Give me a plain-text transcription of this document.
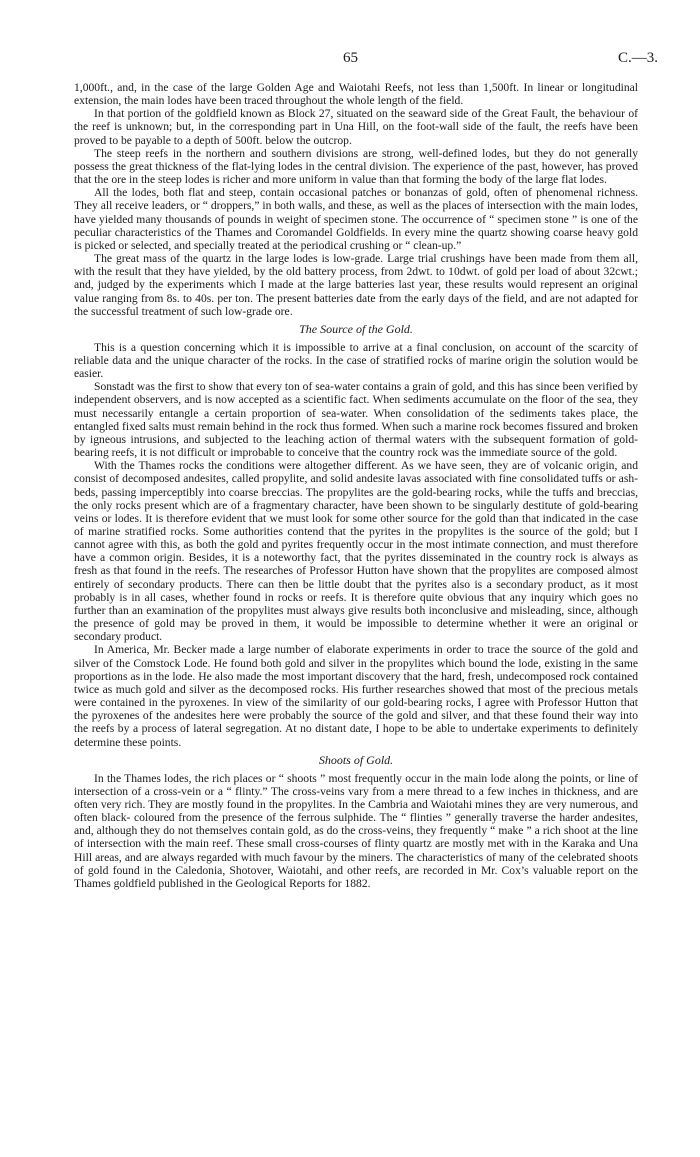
65	C.—3.

1,000ft., and, in the case of the large Golden Age and Waiotahi Reefs, not less than 1,500ft. In linear or longitudinal extension, the main lodes have been traced throughout the whole length of the field.

In that portion of the goldfield known as Block 27, situated on the seaward side of the Great Fault, the behaviour of the reef is unknown; but, in the corresponding part in Una Hill, on the foot-wall side of the fault, the reefs have been proved to be payable to a depth of 500ft. below the outcrop.

The steep reefs in the northern and southern divisions are strong, well-defined lodes, but they do not generally possess the great thickness of the flat-lying lodes in the central division. The experience of the past, however, has proved that the ore in the steep lodes is richer and more uniform in value than that forming the body of the large flat lodes.

All the lodes, both flat and steep, contain occasional patches or bonanzas of gold, often of phenomenal richness. They all receive leaders, or “ droppers,” in both walls, and these, as well as the places of intersection with the main lodes, have yielded many thousands of pounds in weight of specimen stone. The occurrence of “ specimen stone ” is one of the peculiar characteristics of the Thames and Coromandel Goldfields. In every mine the quartz showing coarse heavy gold is picked or selected, and specially treated at the periodical crushing or “ clean-up.”

The great mass of the quartz in the large lodes is low-grade. Large trial crushings have been made from them all, with the result that they have yielded, by the old battery process, from 2dwt. to 10dwt. of gold per load of about 32cwt.; and, judged by the experiments which I made at the large batteries last year, these results would represent an original value ranging from 8s. to 40s. per ton. The present batteries date from the early days of the field, and are not adapted for the successful treatment of such low-grade ore.

The Source of the Gold.

This is a question concerning which it is impossible to arrive at a final conclusion, on account of the scarcity of reliable data and the unique character of the rocks. In the case of stratified rocks of marine origin the solution would be easier.

Sonstadt was the first to show that every ton of sea-water contains a grain of gold, and this has since been verified by independent observers, and is now accepted as a scientific fact. When sediments accumulate on the floor of the sea, they must necessarily entangle a certain proportion of sea-water. When consolidation of the sediments takes place, the entangled fixed salts must remain behind in the rock thus formed. When such a marine rock becomes fissured and broken by igneous intrusions, and subjected to the leaching action of thermal waters with the subsequent formation of gold-bearing reefs, it is not difficult or improbable to conceive that the country rock was the immediate source of the gold.

With the Thames rocks the conditions were altogether different. As we have seen, they are of volcanic origin, and consist of decomposed andesites, called propylite, and solid andesite lavas associated with fine consolidated tuffs or ash-beds, passing imperceptibly into coarse breccias. The propylites are the gold-bearing rocks, while the tuffs and breccias, the only rocks present which are of a fragmentary character, have been shown to be singularly destitute of gold-bearing veins or lodes. It is therefore evident that we must look for some other source for the gold than that indicated in the case of marine stratified rocks. Some authorities contend that the pyrites in the propylites is the source of the gold; but I cannot agree with this, as both the gold and pyrites frequently occur in the most intimate connection, and must therefore have a common origin. Besides, it is a noteworthy fact, that the pyrites disseminated in the country rock is always as fresh as that found in the reefs. The researches of Professor Hutton have shown that the propylites are composed almost entirely of secondary products. There can then be little doubt that the pyrites also is a secondary product, as it most probably is in all cases, whether found in rocks or reefs. It is therefore quite obvious that any inquiry which goes no further than an examination of the propylites must always give results both inconclusive and misleading, since, although the presence of gold may be proved in them, it would be impossible to determine whether it were an original or secondary product.

In America, Mr. Becker made a large number of elaborate experiments in order to trace the source of the gold and silver of the Comstock Lode. He found both gold and silver in the propylites which bound the lode, existing in the same proportions as in the lode. He also made the most important discovery that the hard, fresh, undecomposed rock contained twice as much gold and silver as the decomposed rocks. His further researches showed that most of the precious metals were contained in the pyroxenes. In view of the similarity of our gold-bearing rocks, I agree with Professor Hutton that the pyroxenes of the andesites here were probably the source of the gold and silver, and that these found their way into the reefs by a process of lateral segregation. At no distant date, I hope to be able to undertake experiments to definitely determine these points.

Shoots of Gold.

In the Thames lodes, the rich places or “ shoots ” most frequently occur in the main lode along the points, or line of intersection of a cross-vein or a “ flinty.” The cross-veins vary from a mere thread to a few inches in thickness, and are often very rich. They are mostly found in the propylites. In the Cambria and Waiotahi mines they are very numerous, and often black- coloured from the presence of the ferrous sulphide. The “ flinties ” generally traverse the harder andesites, and, although they do not themselves contain gold, as do the cross-veins, they frequently “ make ” a rich shoot at the line of intersection with the main reef. These small cross-courses of flinty quartz are mostly met with in the Karaka and Una Hill areas, and are always regarded with much favour by the miners. The characteristics of many of the celebrated shoots of gold found in the Caledonia, Shotover, Waiotahi, and other reefs, are recorded in Mr. Cox’s valuable report on the Thames goldfield published in the Geological Reports for 1882.
